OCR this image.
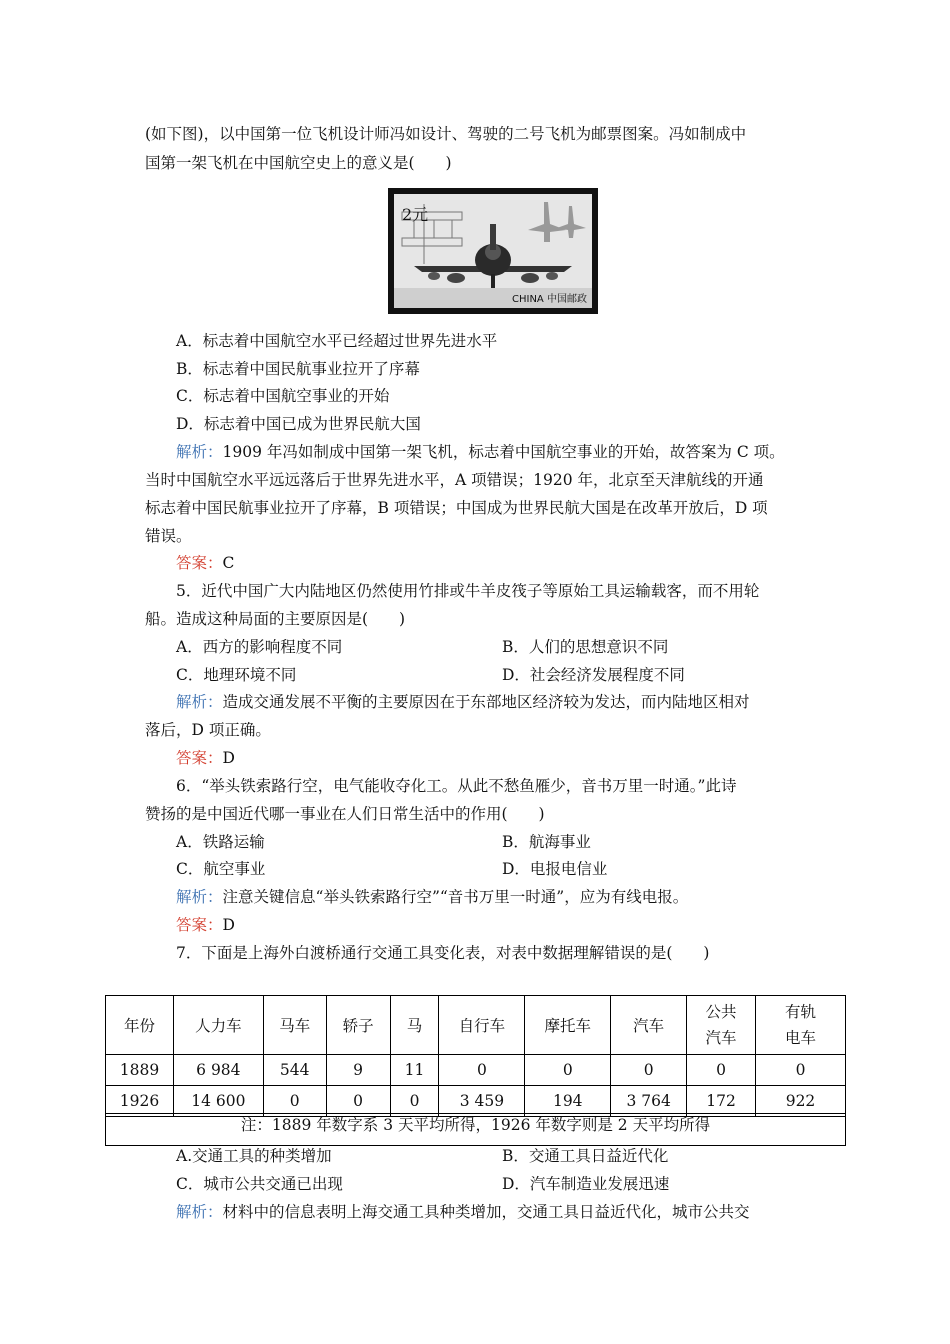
(如下图)，以中国第一位飞机设计师冯如设计、驾驶的二号飞机为邮票图案。冯如制成中
国第一架飞机在中国航空史上的意义是(　　)
2元
CHINA 中国邮政
A．标志着中国航空水平已经超过世界先进水平
B．标志着中国民航事业拉开了序幕
C．标志着中国航空事业的开始
D．标志着中国已成为世界民航大国
解析：1909 年冯如制成中国第一架飞机，标志着中国航空事业的开始，故答案为 C 项。
当时中国航空水平远远落后于世界先进水平，A 项错误；1920 年，北京至天津航线的开通
标志着中国民航事业拉开了序幕，B 项错误；中国成为世界民航大国是在改革开放后，D 项
错误。
答案：C
5．近代中国广大内陆地区仍然使用竹排或牛羊皮筏子等原始工具运输载客，而不用轮
船。造成这种局面的主要原因是(　　)
A．西方的影响程度不同	B．人们的思想意识不同
C．地理环境不同	D．社会经济发展程度不同
解析：造成交通发展不平衡的主要原因在于东部地区经济较为发达，而内陆地区相对
落后，D 项正确。
答案：D
6．“举头铁索路行空，电气能收夺化工。从此不愁鱼雁少，音书万里一时通。”此诗
赞扬的是中国近代哪一事业在人们日常生活中的作用(　　)
A．铁路运输	B．航海事业
C．航空事业	D．电报电信业
解析：注意关键信息“举头铁索路行空”“音书万里一时通”，应为有线电报。
答案：D
7．下面是上海外白渡桥通行交通工具变化表，对表中数据理解错误的是(　　)
年份	人力车	马车	轿子	马	自行车	摩托车	汽车	公共汽车	有轨电车
1889	6 984	544	9	11	0	0	0	0	0
1926	14 600	0	0	0	3 459	194	3 764	172	922
注：1889 年数字系 3 天平均所得，1926 年数字则是 2 天平均所得
A.交通工具的种类增加	B．交通工具日益近代化
C．城市公共交通已出现	D．汽车制造业发展迅速
解析：材料中的信息表明上海交通工具种类增加，交通工具日益近代化，城市公共交
